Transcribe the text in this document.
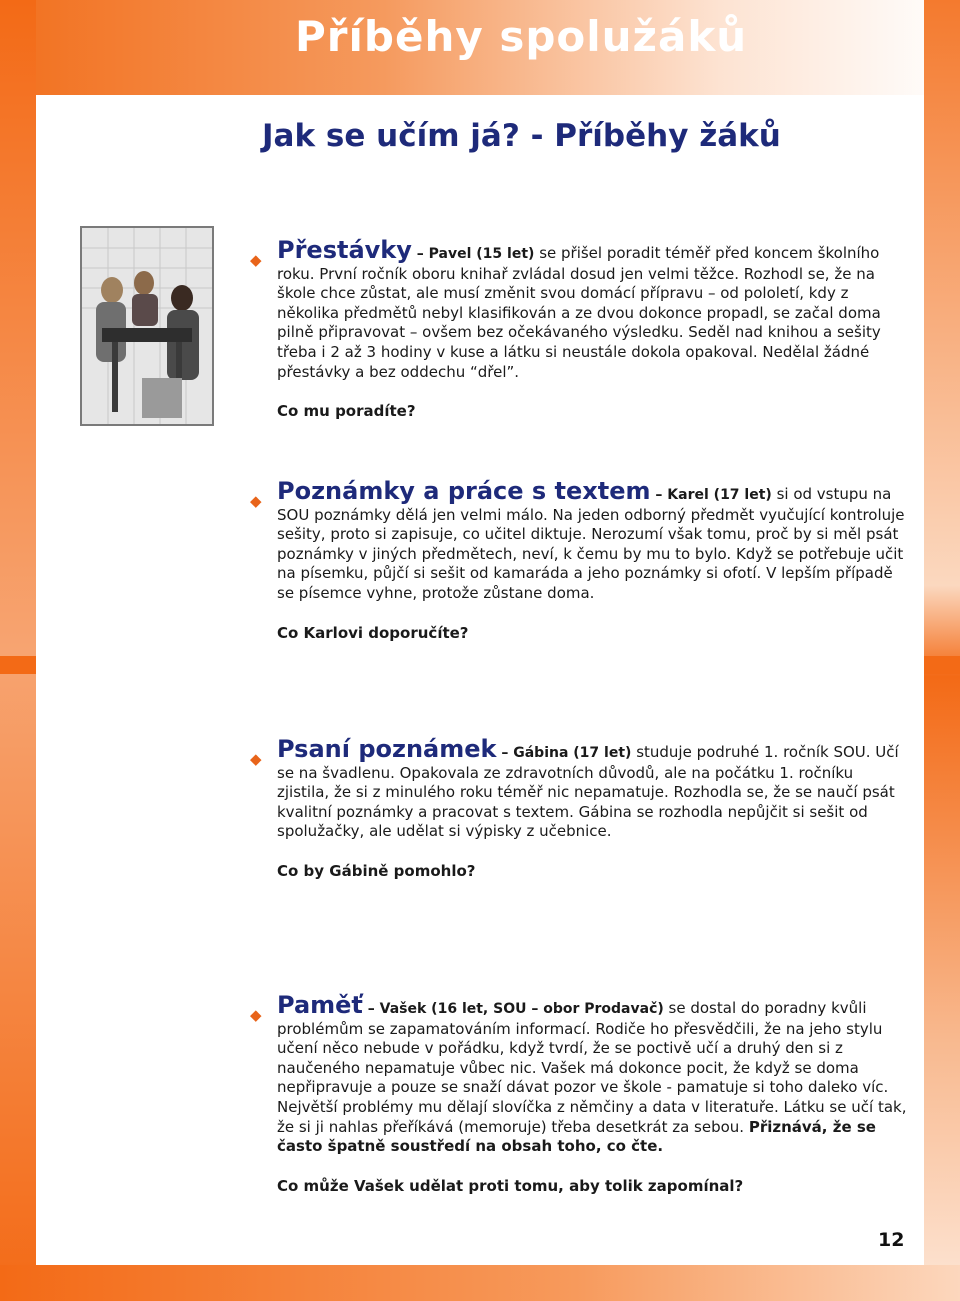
Příběhy spolužáků
Jak se učím já? - Příběhy žáků
◆ Přestávky – Pavel (15 let) se přišel poradit téměř před koncem školního roku. První ročník oboru knihař zvládal dosud jen velmi těžce. Rozhodl se, že na škole chce zůstat, ale musí změnit svou domácí přípravu – od pololetí, kdy z několika předmětů nebyl klasifikován a ze dvou dokonce propadl, se začal doma pilně připravovat – ovšem bez očekávaného výsledku. Seděl nad knihou a sešity třeba i 2 až 3 hodiny v kuse a látku si neustále dokola opakoval. Nedělal žádné přestávky a bez oddechu “dřel”.
Co mu poradíte?
◆ Poznámky a práce s textem – Karel (17 let) si od vstupu na SOU poznámky dělá jen velmi málo. Na jeden odborný předmět vyučující kontroluje sešity, proto si zapisuje, co učitel diktuje. Nerozumí však tomu, proč by si měl psát poznámky v jiných předmětech, neví, k čemu by mu to bylo. Když se potřebuje učit na písemku, půjčí si sešit od kamaráda a jeho poznámky si ofotí. V lepším případě se písemce vyhne, protože zůstane doma.
Co Karlovi doporučíte?
◆ Psaní poznámek – Gábina (17 let) studuje podruhé 1. ročník SOU. Učí se na švadlenu. Opakovala ze zdravotních důvodů, ale na počátku 1. ročníku zjistila, že si z minulého roku téměř nic nepamatuje. Rozhodla se, že se naučí psát kvalitní poznámky a pracovat s textem. Gábina se rozhodla nepůjčit si sešit od spolužačky, ale udělat si výpisky z učebnice.
Co by Gábině pomohlo?
◆ Paměť – Vašek (16 let, SOU – obor Prodavač) se dostal do poradny kvůli problémům se zapamatováním informací. Rodiče ho přesvědčili, že na jeho stylu učení něco nebude v pořádku, když tvrdí, že se poctivě učí a druhý den si z naučeného nepamatuje vůbec nic. Vašek má dokonce pocit, že když se doma nepřipravuje a pouze se snaží dávat pozor ve škole - pamatuje si toho daleko víc. Největší problémy mu dělají slovíčka z němčiny a data v literatuře. Látku se učí tak, že si ji nahlas přeříkává (memoruje) třeba desetkrát za sebou. Přiznává, že se často špatně soustředí na obsah toho, co čte.
Co může Vašek udělat proti tomu, aby tolik zapomínal?
12
